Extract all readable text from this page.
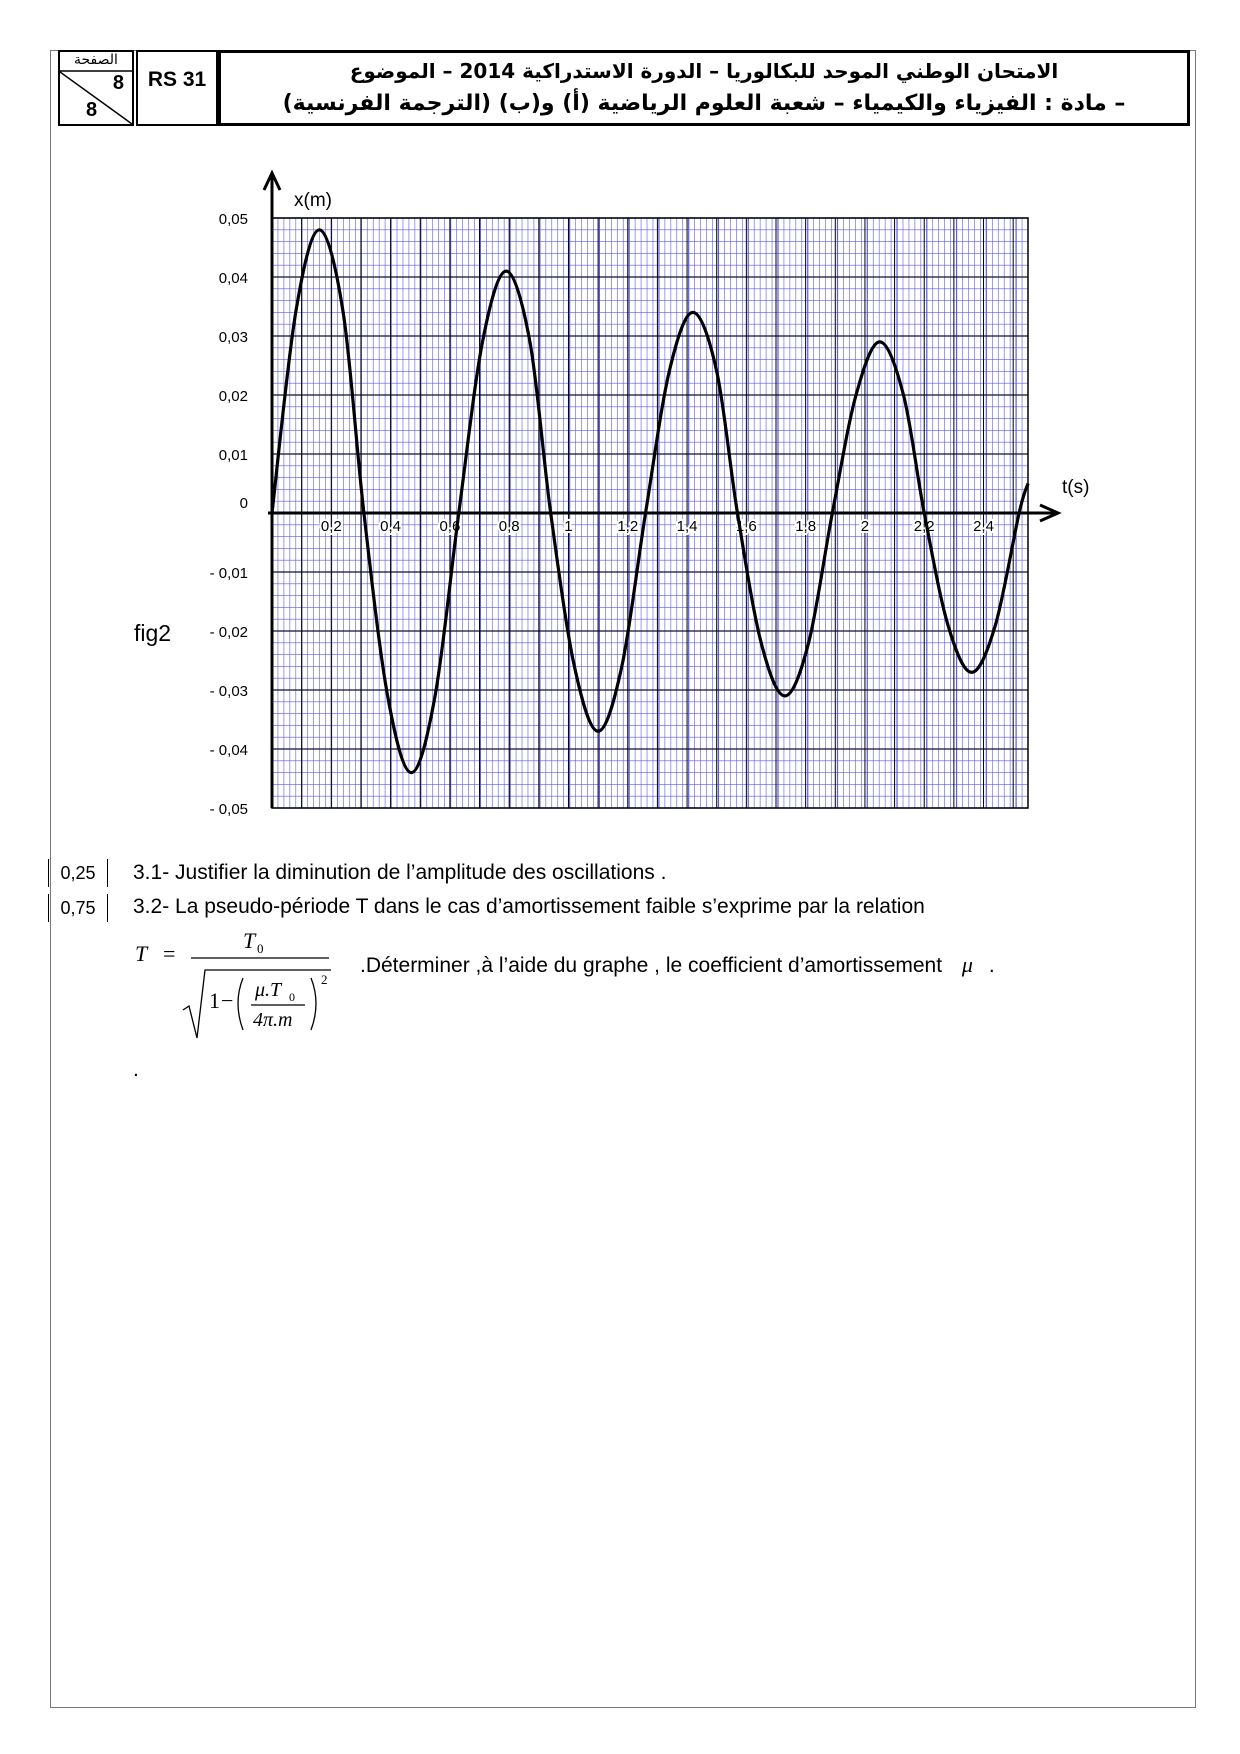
الصفحة
8
8
RS 31	الامتحان الوطني الموحد للبكالوريا – الدورة الاستدراكية 2014 – الموضوع
– مادة : الفيزياء والكيمياء – شعبة العلوم الرياضية (أ) و(ب) (الترجمة الفرنسية)
t(s)
x(m)
0,05
0,04
0,03
0,02
0,01
0
- 0,01
- 0,02
- 0,03
- 0,04
- 0,05
0,2	0,4	0,6	0,8	1	1,2	1,4	1,6	1,8	2	2,2	2,4
fig2
0,25	3.1- Justifier la diminution de l’amplitude des oscillations .
0,75	3.2- La pseudo-période T dans le cas d’amortissement faible s’exprime par la relation
T =
T 0
1 − μ.T 0
4π.m
2
.Déterminer ,à l’aide du graphe , le coefficient d’amortissement μ .
.
